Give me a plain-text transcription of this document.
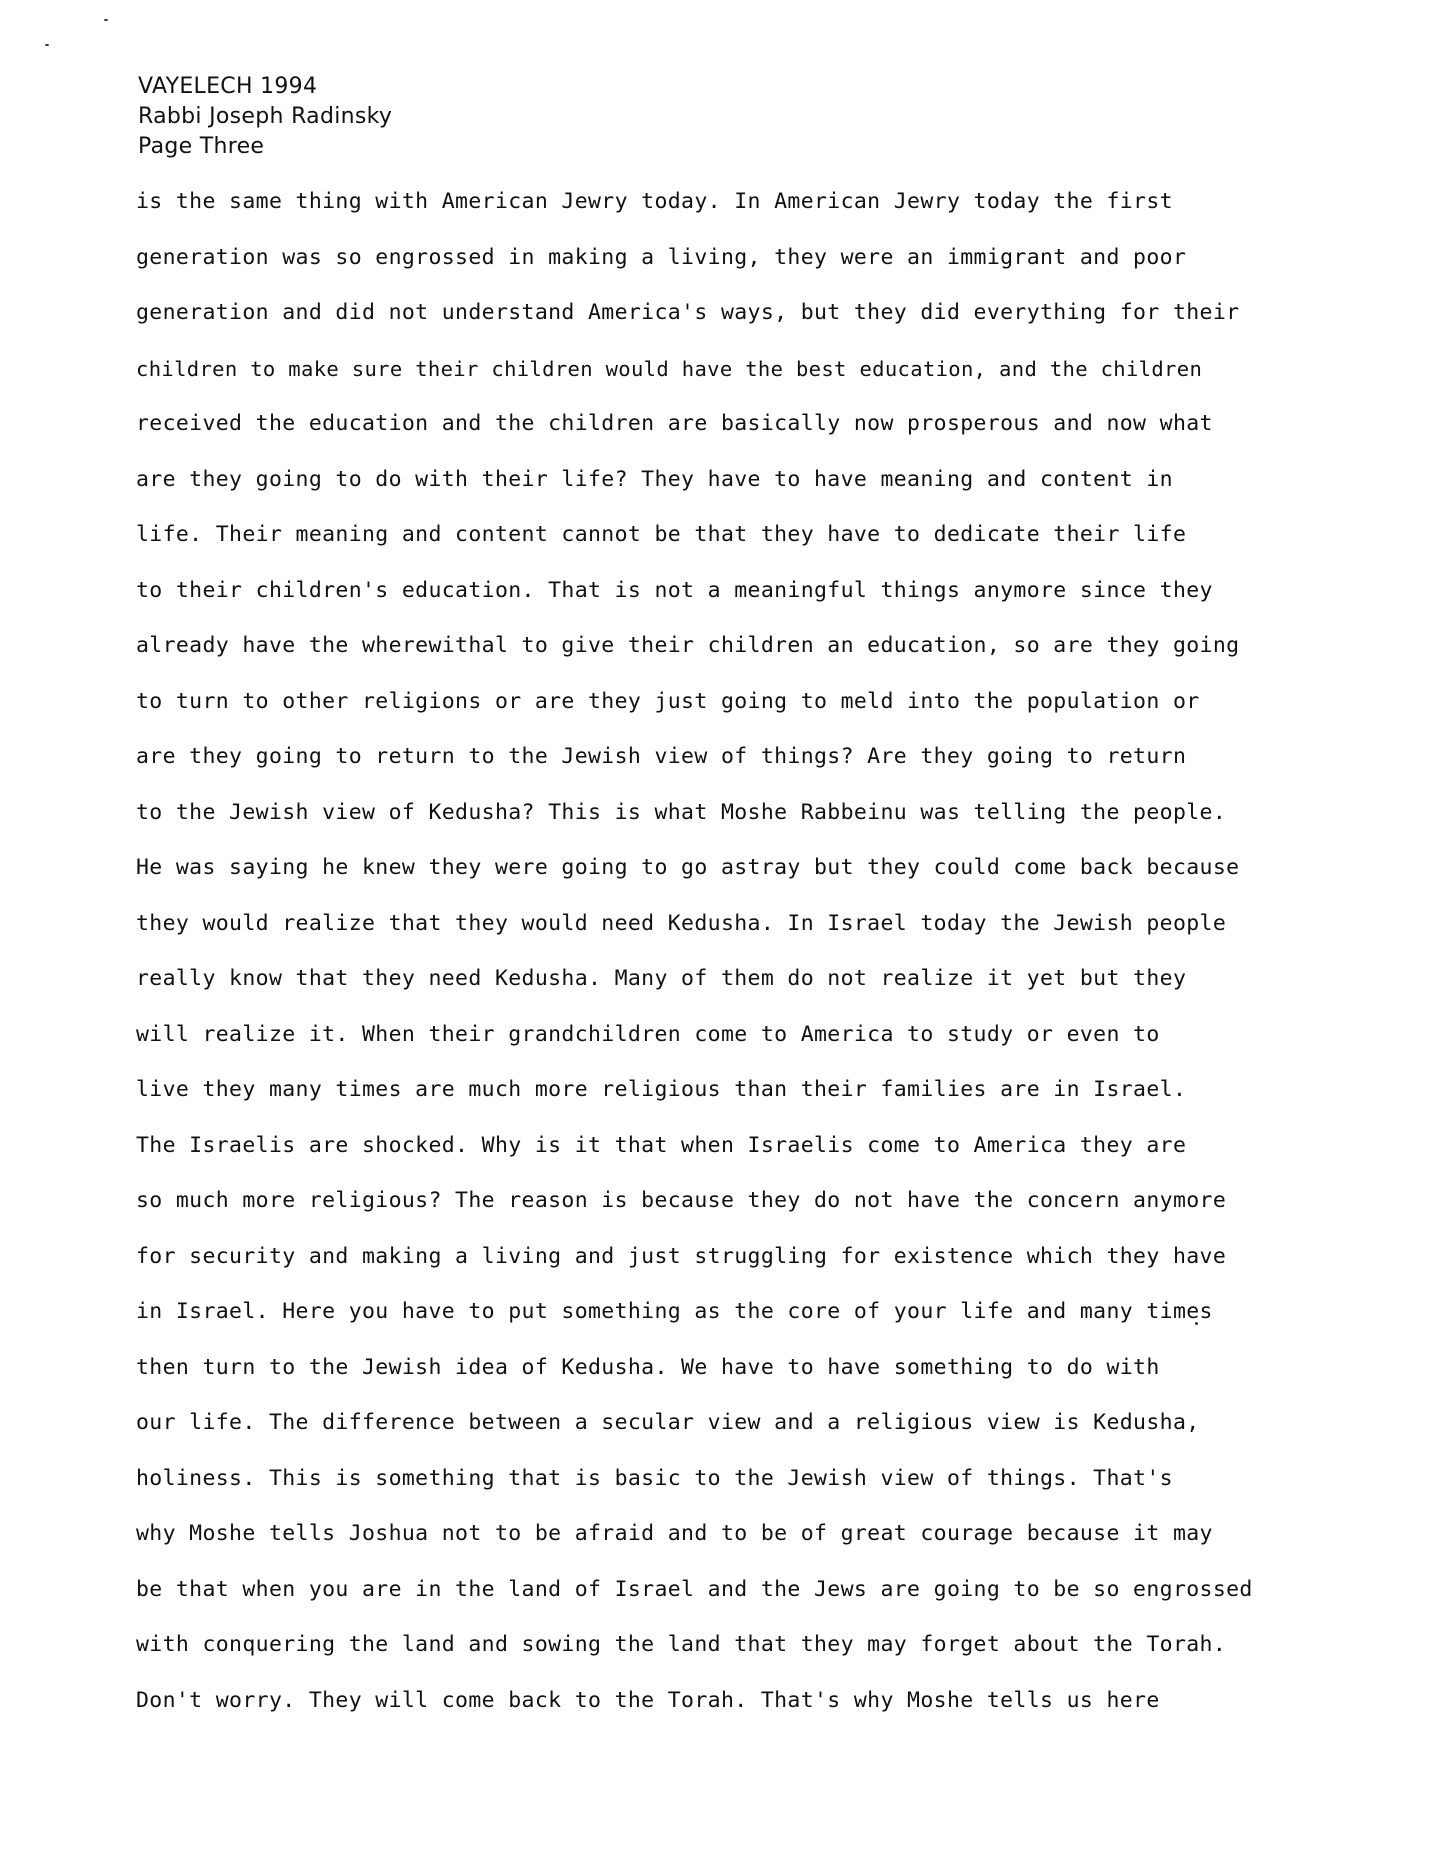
VAYELECH 1994
Rabbi Joseph Radinsky
Page Three
is the same thing with American Jewry today. In American Jewry today the first
generation was so engrossed in making a living, they were an immigrant and poor
generation and did not understand America's ways, but they did everything for their
children to make sure their children would have the best education, and the children
received the education and the children are basically now prosperous and now what
are they going to do with their life? They have to have meaning and content in
life. Their meaning and content cannot be that they have to dedicate their life
to their children's education. That is not a meaningful things anymore since they
already have the wherewithal to give their children an education, so are they going
to turn to other religions or are they just going to meld into the population or
are they going to return to the Jewish view of things? Are they going to return
to the Jewish view of Kedusha? This is what Moshe Rabbeinu was telling the people.
He was saying he knew they were going to go astray but they could come back because
they would realize that they would need Kedusha. In Israel today the Jewish people
really know that they need Kedusha. Many of them do not realize it yet but they
will realize it. When their grandchildren come to America to study or even to
live they many times are much more religious than their families are in Israel.
The Israelis are shocked. Why is it that when Israelis come to America they are
so much more religious? The reason is because they do not have the concern anymore
for security and making a living and just struggling for existence which they have
in Israel. Here you have to put something as the core of your life and many times
then turn to the Jewish idea of Kedusha. We have to have something to do with
our life. The difference between a secular view and a religious view is Kedusha,
holiness. This is something that is basic to the Jewish view of things. That's
why Moshe tells Joshua not to be afraid and to be of great courage because it may
be that when you are in the land of Israel and the Jews are going to be so engrossed
with conquering the land and sowing the land that they may forget about the Torah.
Don't worry. They will come back to the Torah. That's why Moshe tells us here
